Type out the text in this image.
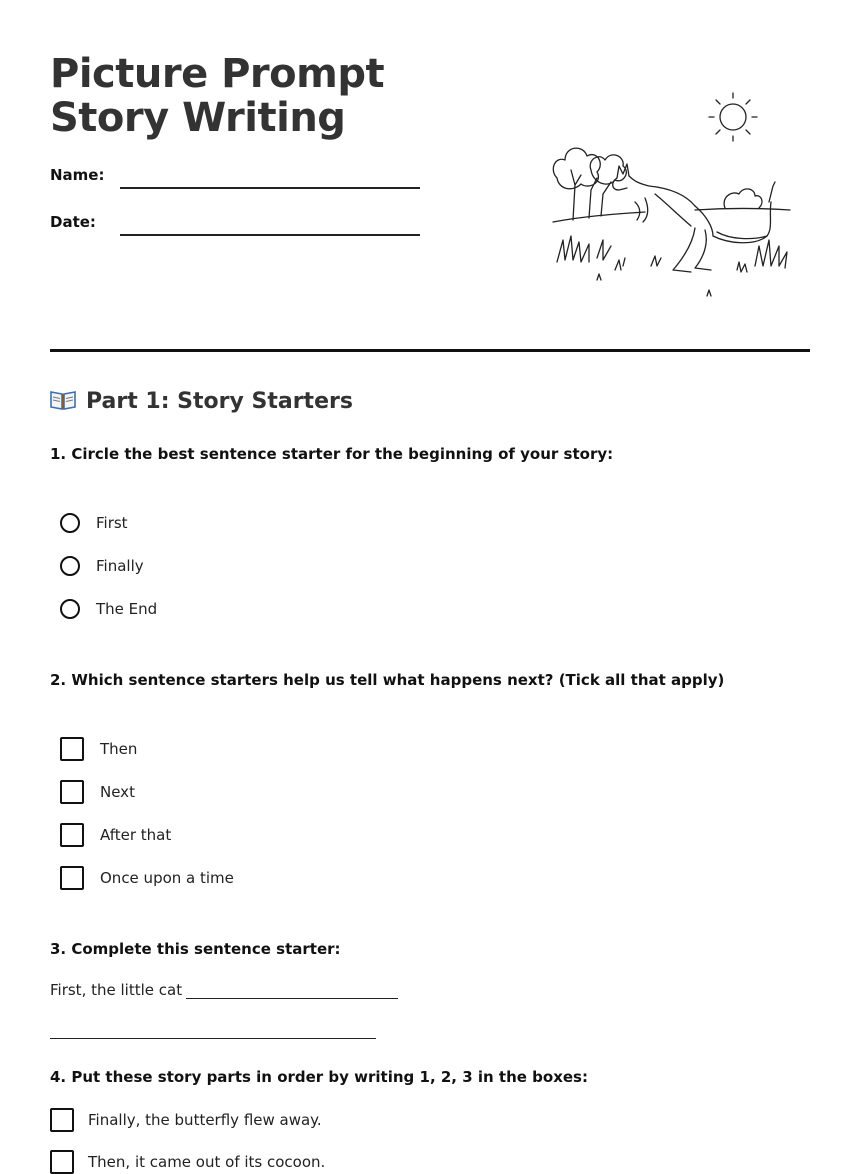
Picture Prompt Story Writing
Name:
Date:
Part 1: Story Starters

1. Circle the best sentence starter for the beginning of your story:

First
Finally
The End

2. Which sentence starters help us tell what happens next? (Tick all that apply)

Then
Next
After that
Once upon a time

3. Complete this sentence starter:

First, the little cat

4. Put these story parts in order by writing 1, 2, 3 in the boxes:

Finally, the butterfly flew away.
Then, it came out of its cocoon.
